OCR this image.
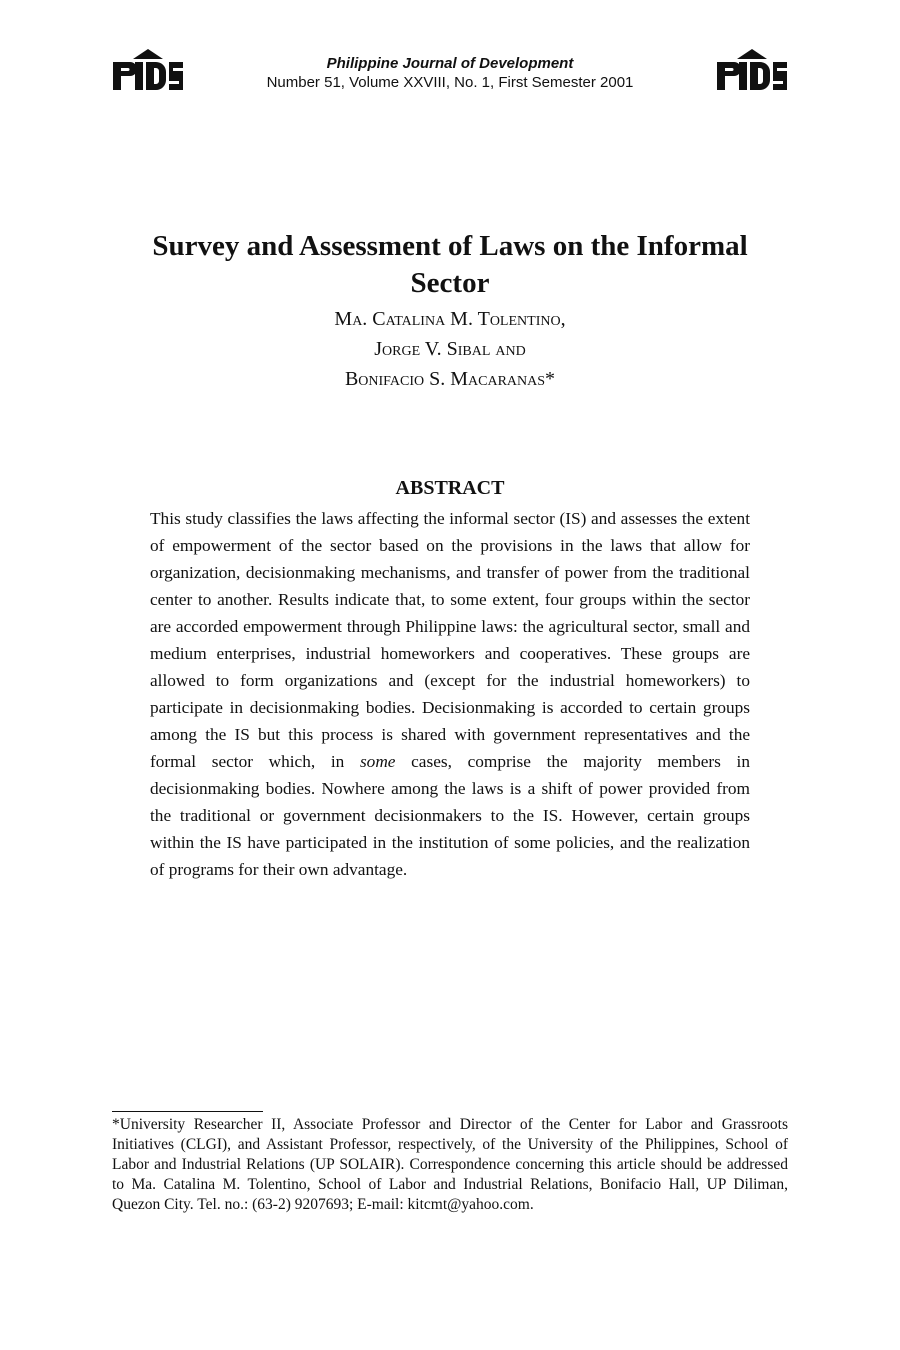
Philippine Journal of Development
Number 51, Volume XXVIII, No. 1, First Semester 2001
Survey and Assessment of Laws on the Informal Sector
Ma. Catalina M. Tolentino,
Jorge V. Sibal and
Bonifacio S. Macaranas*
ABSTRACT

This study classifies the laws affecting the informal sector (IS) and assesses the extent of empowerment of the sector based on the provisions in the laws that allow for organization, decisionmaking mechanisms, and transfer of power from the traditional center to another. Results indicate that, to some extent, four groups within the sector are accorded empowerment through Philippine laws: the agricultural sector, small and medium enterprises, industrial homeworkers and cooperatives. These groups are allowed to form organizations and (except for the industrial homeworkers) to participate in decisionmaking bodies. Decisionmaking is accorded to certain groups among the IS but this process is shared with government representatives and the formal sector which, in some cases, comprise the majority members in decisionmaking bodies. Nowhere among the laws is a shift of power provided from the traditional or government decisionmakers to the IS. However, certain groups within the IS have participated in the institution of some policies, and the realization of programs for their own advantage.

*University Researcher II, Associate Professor and Director of the Center for Labor and Grassroots Initiatives (CLGI), and Assistant Professor, respectively, of the University of the Philippines, School of Labor and Industrial Relations (UP SOLAIR). Correspondence concerning this article should be addressed to Ma. Catalina M. Tolentino, School of Labor and Industrial Relations, Bonifacio Hall, UP Diliman, Quezon City. Tel. no.: (63-2) 9207693; E-mail: kitcmt@yahoo.com.
